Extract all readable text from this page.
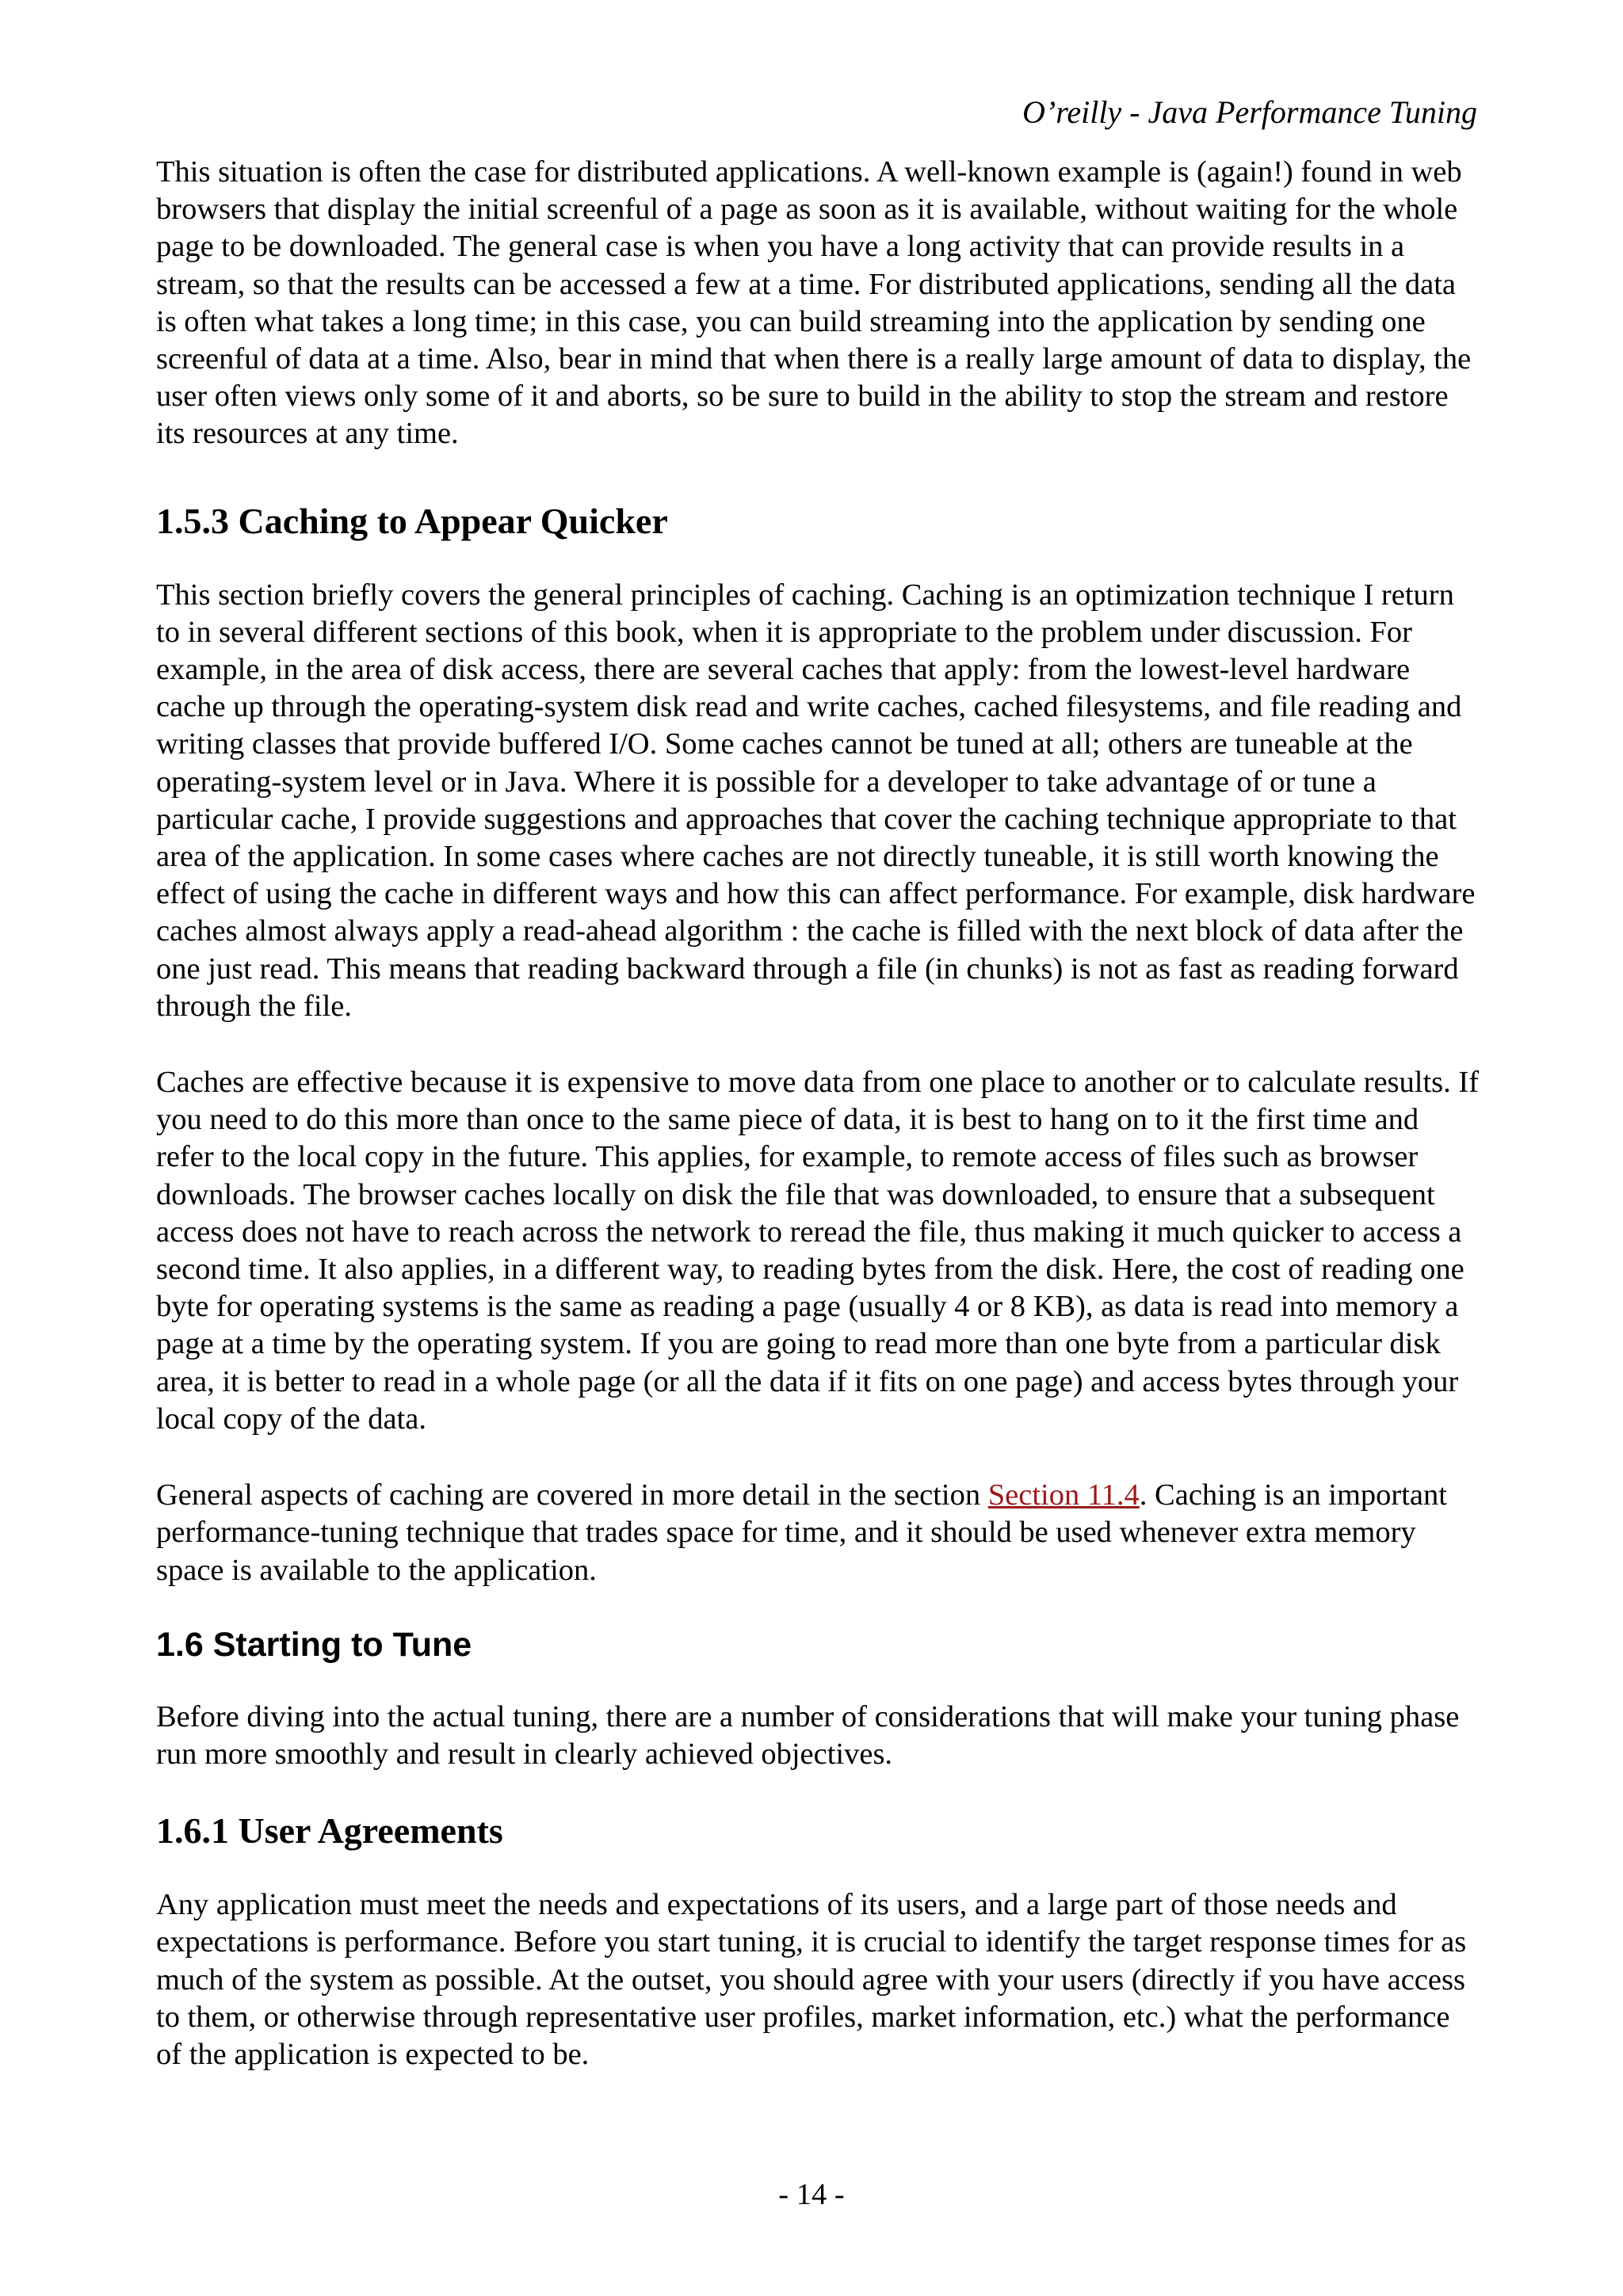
O’reilly - Java Performance Tuning

This situation is often the case for distributed applications. A well-known example is (again!) found in web browsers that display the initial screenful of a page as soon as it is available, without waiting for the whole page to be downloaded. The general case is when you have a long activity that can provide results in a stream, so that the results can be accessed a few at a time. For distributed applications, sending all the data is often what takes a long time; in this case, you can build streaming into the application by sending one screenful of data at a time. Also, bear in mind that when there is a really large amount of data to display, the user often views only some of it and aborts, so be sure to build in the ability to stop the stream and restore its resources at any time.

1.5.3 Caching to Appear Quicker

This section briefly covers the general principles of caching. Caching is an optimization technique I return to in several different sections of this book, when it is appropriate to the problem under discussion. For example, in the area of disk access, there are several caches that apply: from the lowest-level hardware cache up through the operating-system disk read and write caches, cached filesystems, and file reading and writing classes that provide buffered I/O. Some caches cannot be tuned at all; others are tuneable at the operating-system level or in Java. Where it is possible for a developer to take advantage of or tune a particular cache, I provide suggestions and approaches that cover the caching technique appropriate to that area of the application. In some cases where caches are not directly tuneable, it is still worth knowing the effect of using the cache in different ways and how this can affect performance. For example, disk hardware caches almost always apply a read-ahead algorithm : the cache is filled with the next block of data after the one just read. This means that reading backward through a file (in chunks) is not as fast as reading forward through the file.

Caches are effective because it is expensive to move data from one place to another or to calculate results. If you need to do this more than once to the same piece of data, it is best to hang on to it the first time and refer to the local copy in the future. This applies, for example, to remote access of files such as browser downloads. The browser caches locally on disk the file that was downloaded, to ensure that a subsequent access does not have to reach across the network to reread the file, thus making it much quicker to access a second time. It also applies, in a different way, to reading bytes from the disk. Here, the cost of reading one byte for operating systems is the same as reading a page (usually 4 or 8 KB), as data is read into memory a page at a time by the operating system. If you are going to read more than one byte from a particular disk area, it is better to read in a whole page (or all the data if it fits on one page) and access bytes through your local copy of the data.

General aspects of caching are covered in more detail in the section Section 11.4. Caching is an important performance-tuning technique that trades space for time, and it should be used whenever extra memory space is available to the application.

1.6 Starting to Tune

Before diving into the actual tuning, there are a number of considerations that will make your tuning phase run more smoothly and result in clearly achieved objectives.

1.6.1 User Agreements

Any application must meet the needs and expectations of its users, and a large part of those needs and expectations is performance. Before you start tuning, it is crucial to identify the target response times for as much of the system as possible. At the outset, you should agree with your users (directly if you have access to them, or otherwise through representative user profiles, market information, etc.) what the performance of the application is expected to be.

- 14 -
